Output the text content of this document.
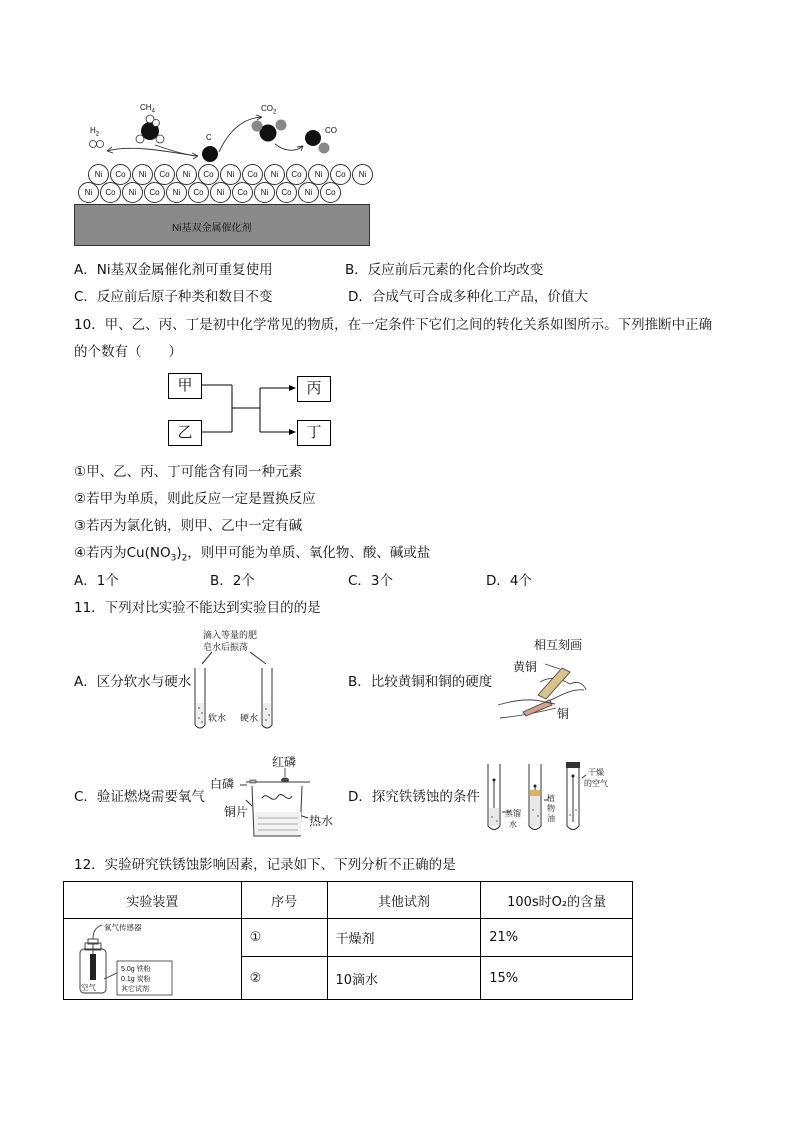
Ni基双金属催化剂
Ni	Co	Ni	Co	Ni	Co	Ni	Co	Ni	Co	Ni	Co	Ni
Ni	Co	Ni	Co	Ni	Co	Ni	Co	Ni	Co	Ni	Co
$H_2$
$CH_4$
C
$CO_2$
CO
A．Ni基双金属催化剂可重复使用	B．反应前后元素的化合价均改变
C．反应前后原子种类和数目不变	D．合成气可合成多种化工产品，价值大
10．甲、乙、丙、丁是初中化学常见的物质，在一定条件下它们之间的转化关系如图所示。下列推断中正确
的个数有（　　）
甲
乙
丙
丁
①甲、乙、丙、丁可能含有同一种元素
②若甲为单质，则此反应一定是置换反应
③若丙为氯化钠，则甲、乙中一定有碱
④若丙为$Cu(NO_3)_2$，则甲可能为单质、氧化物、酸、碱或盐
A．1个	B．2个	C．3个	D．4个
11．下列对比实验不能达到实验目的的是
A．区分软水与硬水
滴入等量的肥
皂水后振荡
软水 硬水
B．比较黄铜和铜的硬度
相互刻画
黄铜
铜
C．验证燃烧需要氧气
红磷
白磷
铜片
热水
D．探究铁锈蚀的条件
蒸馏
水
植
物
油
干燥
的空气
12．实验研究铁锈蚀影响因素，记录如下、下列分析不正确的是
实验装置	序号	其他试剂	100s时O₂的含量

氧气传感器
5.0g 铁粉
0.1g 炭粉
其它试剂
空气	①	干燥剂	21%
	②	10滴水	15%
